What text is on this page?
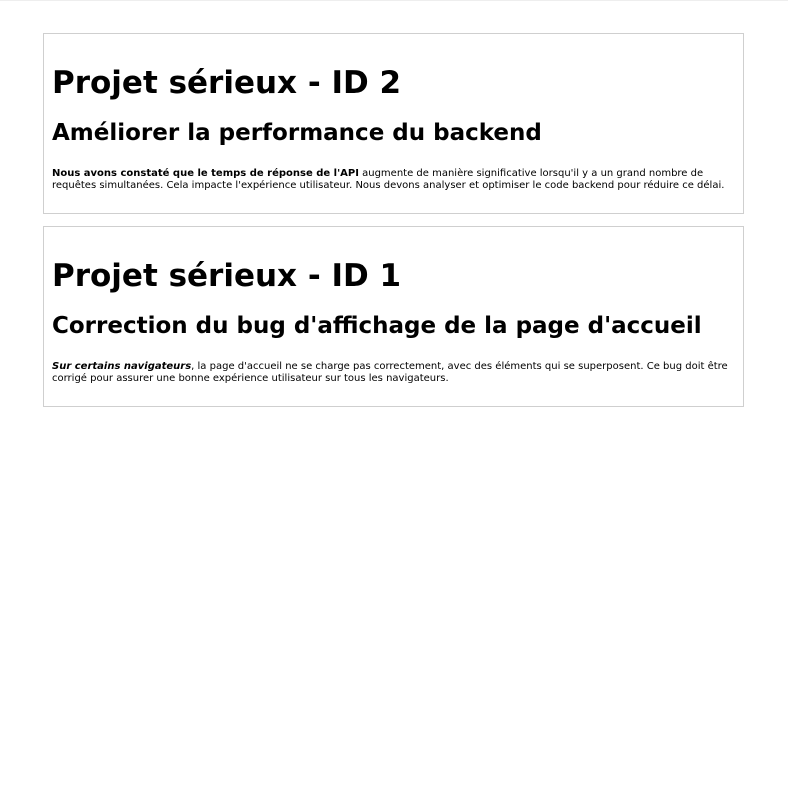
Projet sérieux - ID 2
Améliorer la performance du backend

Nous avons constaté que le temps de réponse de l'API augmente de manière significative lorsqu'il y a un grand nombre de requêtes simultanées. Cela impacte l'expérience utilisateur. Nous devons analyser et optimiser le code backend pour réduire ce délai.

Projet sérieux - ID 1
Correction du bug d'affichage de la page d'accueil

Sur certains navigateurs, la page d'accueil ne se charge pas correctement, avec des éléments qui se superposent. Ce bug doit être corrigé pour assurer une bonne expérience utilisateur sur tous les navigateurs.
